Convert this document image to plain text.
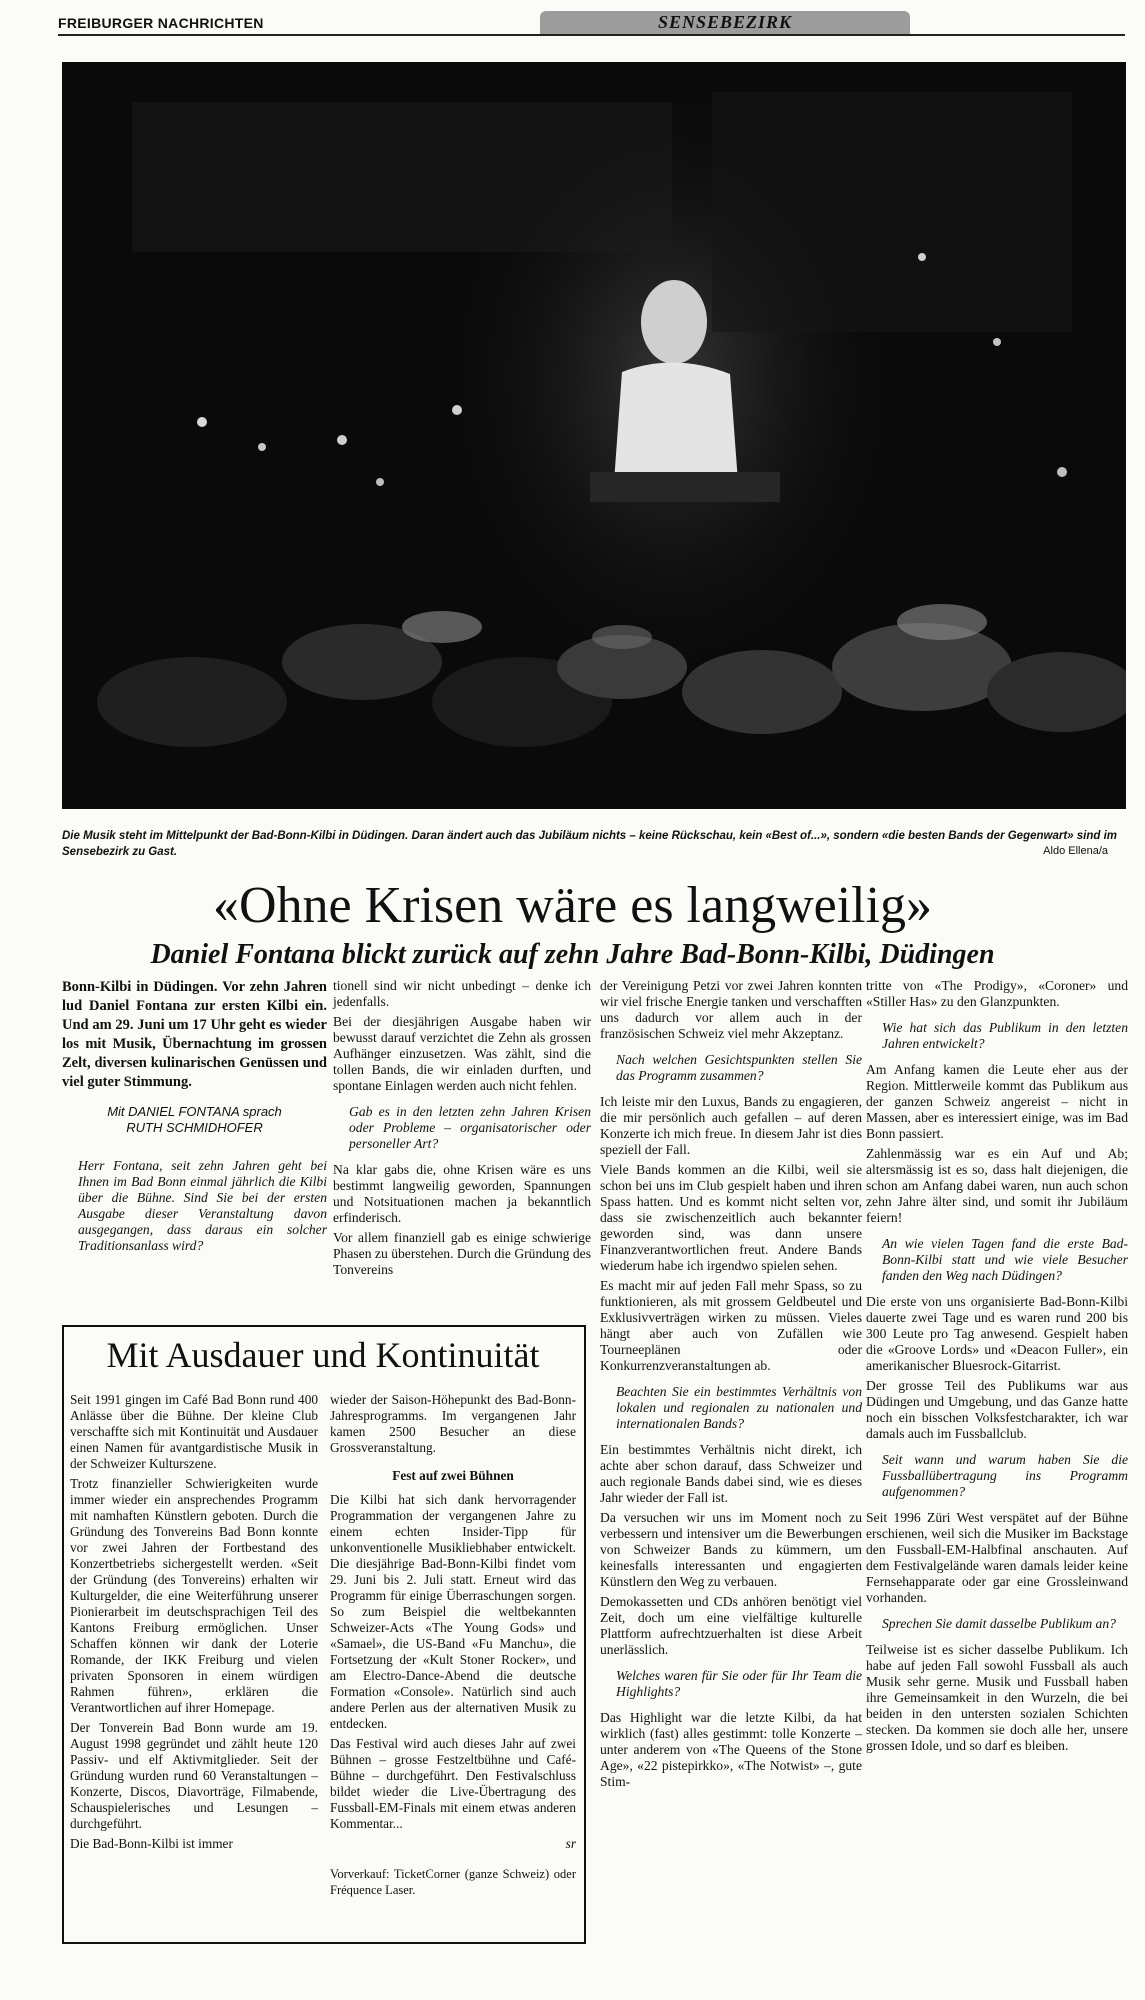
FREIBURGER NACHRICHTEN	SENSEBEZIRK
Die Musik steht im Mittelpunkt der Bad-Bonn-Kilbi in Düdingen. Daran ändert auch das Jubiläum nichts – keine Rückschau, kein «Best of...», sondern «die besten Bands der Gegenwart» sind im Sensebezirk zu Gast.	Aldo Ellena/a
«Ohne Krisen wäre es langweilig»
Daniel Fontana blickt zurück auf zehn Jahre Bad-Bonn-Kilbi, Düdingen

Bonn-Kilbi in Düdingen. Vor zehn Jahren lud Daniel Fontana zur ersten Kilbi ein. Und am 29. Juni um 17 Uhr geht es wieder los mit Musik, Übernachtung im grossen Zelt, diversen kulinarischen Genüssen und viel guter Stimmung.

Mit DANIEL FONTANA sprach
RUTH SCHMIDHOFER

Herr Fontana, seit zehn Jahren geht bei Ihnen im Bad Bonn einmal jährlich die Kilbi über die Bühne. Sind Sie bei der ersten Ausgabe dieser Veranstaltung davon ausgegangen, dass daraus ein solcher Traditionsanlass wird?

tionell sind wir nicht unbedingt – denke ich jedenfalls.

Bei der diesjährigen Ausgabe haben wir bewusst darauf verzichtet die Zehn als grossen Aufhänger einzusetzen. Was zählt, sind die tollen Bands, die wir einladen durften, und spontane Einlagen werden auch nicht fehlen.

Gab es in den letzten zehn Jahren Krisen oder Probleme – organisatorischer oder personeller Art?

Na klar gabs die, ohne Krisen wäre es uns bestimmt langweilig geworden, Spannungen und Notsituationen machen ja bekanntlich erfinderisch.

Vor allem finanziell gab es einige schwierige Phasen zu überstehen. Durch die Gründung des Tonvereins

der Vereinigung Petzi vor zwei Jahren konnten wir viel frische Energie tanken und verschafften uns dadurch vor allem auch in der französischen Schweiz viel mehr Akzeptanz.

Nach welchen Gesichtspunkten stellen Sie das Programm zusammen?

Ich leiste mir den Luxus, Bands zu engagieren, die mir persönlich auch gefallen – auf deren Konzerte ich mich freue. In diesem Jahr ist dies speziell der Fall.

Viele Bands kommen an die Kilbi, weil sie schon bei uns im Club gespielt haben und ihren Spass hatten. Und es kommt nicht selten vor, dass sie zwischenzeitlich auch bekannter geworden sind, was dann unsere Finanzverantwortlichen freut. Andere Bands wiederum habe ich irgendwo spielen sehen.

Es macht mir auf jeden Fall mehr Spass, so zu funktionieren, als mit grossem Geldbeutel und Exklusivverträgen wirken zu müssen. Vieles hängt aber auch von Zufällen wie Tourneeplänen oder Konkurrenzveranstaltungen ab.

Beachten Sie ein bestimmtes Verhältnis von lokalen und regionalen zu nationalen und internationalen Bands?

Ein bestimmtes Verhältnis nicht direkt, ich achte aber schon darauf, dass Schweizer und auch regionale Bands dabei sind, wie es dieses Jahr wieder der Fall ist.

Da versuchen wir uns im Moment noch zu verbessern und intensiver um die Bewerbungen von Schweizer Bands zu kümmern, um keinesfalls interessanten und engagierten Künstlern den Weg zu verbauen.

Demokassetten und CDs anhören benötigt viel Zeit, doch um eine vielfältige kulturelle Plattform aufrechtzuerhalten ist diese Arbeit unerlässlich.

Welches waren für Sie oder für Ihr Team die Highlights?

Das Highlight war die letzte Kilbi, da hat wirklich (fast) alles gestimmt: tolle Konzerte – unter anderem von «The Queens of the Stone Age», «22 pistepirkko», «The Notwist» –, gute Stim-

tritte von «The Prodigy», «Coroner» und «Stiller Has» zu den Glanzpunkten.

Wie hat sich das Publikum in den letzten Jahren entwickelt?

Am Anfang kamen die Leute eher aus der Region. Mittlerweile kommt das Publikum aus der ganzen Schweiz angereist – nicht in Massen, aber es interessiert einige, was im Bad Bonn passiert.

Zahlenmässig war es ein Auf und Ab; altersmässig ist es so, dass halt diejenigen, die schon am Anfang dabei waren, nun auch schon zehn Jahre älter sind, und somit ihr Jubiläum feiern!

An wie vielen Tagen fand die erste Bad-Bonn-Kilbi statt und wie viele Besucher fanden den Weg nach Düdingen?

Die erste von uns organisierte Bad-Bonn-Kilbi dauerte zwei Tage und es waren rund 200 bis 300 Leute pro Tag anwesend. Gespielt haben die «Groove Lords» und «Deacon Fuller», ein amerikanischer Bluesrock-Gitarrist.

Der grosse Teil des Publikums war aus Düdingen und Umgebung, und das Ganze hatte noch ein bisschen Volksfestcharakter, ich war damals auch im Fussballclub.

Seit wann und warum haben Sie die Fussballübertragung ins Programm aufgenommen?

Seit 1996 Züri West verspätet auf der Bühne erschienen, weil sich die Musiker im Backstage den Fussball-EM-Halbfinal anschauten. Auf dem Festivalgelände waren damals leider keine Fernsehapparate oder gar eine Grossleinwand vorhanden.

Sprechen Sie damit dasselbe Publikum an?

Teilweise ist es sicher dasselbe Publikum. Ich habe auf jeden Fall sowohl Fussball als auch Musik sehr gerne. Musik und Fussball haben ihre Gemeinsamkeit in den Wurzeln, die bei beiden in den untersten sozialen Schichten stecken. Da kommen sie doch alle her, unsere grossen Idole, und so darf es bleiben.

Mit Ausdauer und Kontinuität

Seit 1991 gingen im Café Bad Bonn rund 400 Anlässe über die Bühne. Der kleine Club verschaffte sich mit Kontinuität und Ausdauer einen Namen für avantgardistische Musik in der Schweizer Kulturszene.

Trotz finanzieller Schwierigkeiten wurde immer wieder ein ansprechendes Programm mit namhaften Künstlern geboten. Durch die Gründung des Tonvereins Bad Bonn konnte vor zwei Jahren der Fortbestand des Konzertbetriebs sichergestellt werden. «Seit der Gründung (des Tonvereins) erhalten wir Kulturgelder, die eine Weiterführung unserer Pionierarbeit im deutschsprachigen Teil des Kantons Freiburg ermöglichen. Unser Schaffen können wir dank der Loterie Romande, der IKK Freiburg und vielen privaten Sponsoren in einem würdigen Rahmen führen», erklären die Verantwortlichen auf ihrer Homepage.

Der Tonverein Bad Bonn wurde am 19. August 1998 gegründet und zählt heute 120 Passiv- und elf Aktivmitglieder. Seit der Gründung wurden rund 60 Veranstaltungen – Konzerte, Discos, Diavorträge, Filmabende, Schauspielerisches und Lesungen – durchgeführt.

Die Bad-Bonn-Kilbi ist immer

wieder der Saison-Höhepunkt des Bad-Bonn-Jahresprogramms. Im vergangenen Jahr kamen 2500 Besucher an diese Grossveranstaltung.

Fest auf zwei Bühnen

Die Kilbi hat sich dank hervorragender Programmation der vergangenen Jahre zu einem echten Insider-Tipp für unkonventionelle Musikliebhaber entwickelt. Die diesjährige Bad-Bonn-Kilbi findet vom 29. Juni bis 2. Juli statt. Erneut wird das Programm für einige Überraschungen sorgen. So zum Beispiel die weltbekannten Schweizer-Acts «The Young Gods» und «Samael», die US-Band «Fu Manchu», die Fortsetzung der «Kult Stoner Rocker», und am Electro-Dance-Abend die deutsche Formation «Console». Natürlich sind auch andere Perlen aus der alternativen Musik zu entdecken.

Das Festival wird auch dieses Jahr auf zwei Bühnen – grosse Festzeltbühne und Café-Bühne – durchgeführt. Den Festivalschluss bildet wieder die Live-Übertragung des Fussball-EM-Finals mit einem etwas anderen Kommentar...

sr

Vorverkauf: TicketCorner (ganze Schweiz) oder Fréquence Laser.
